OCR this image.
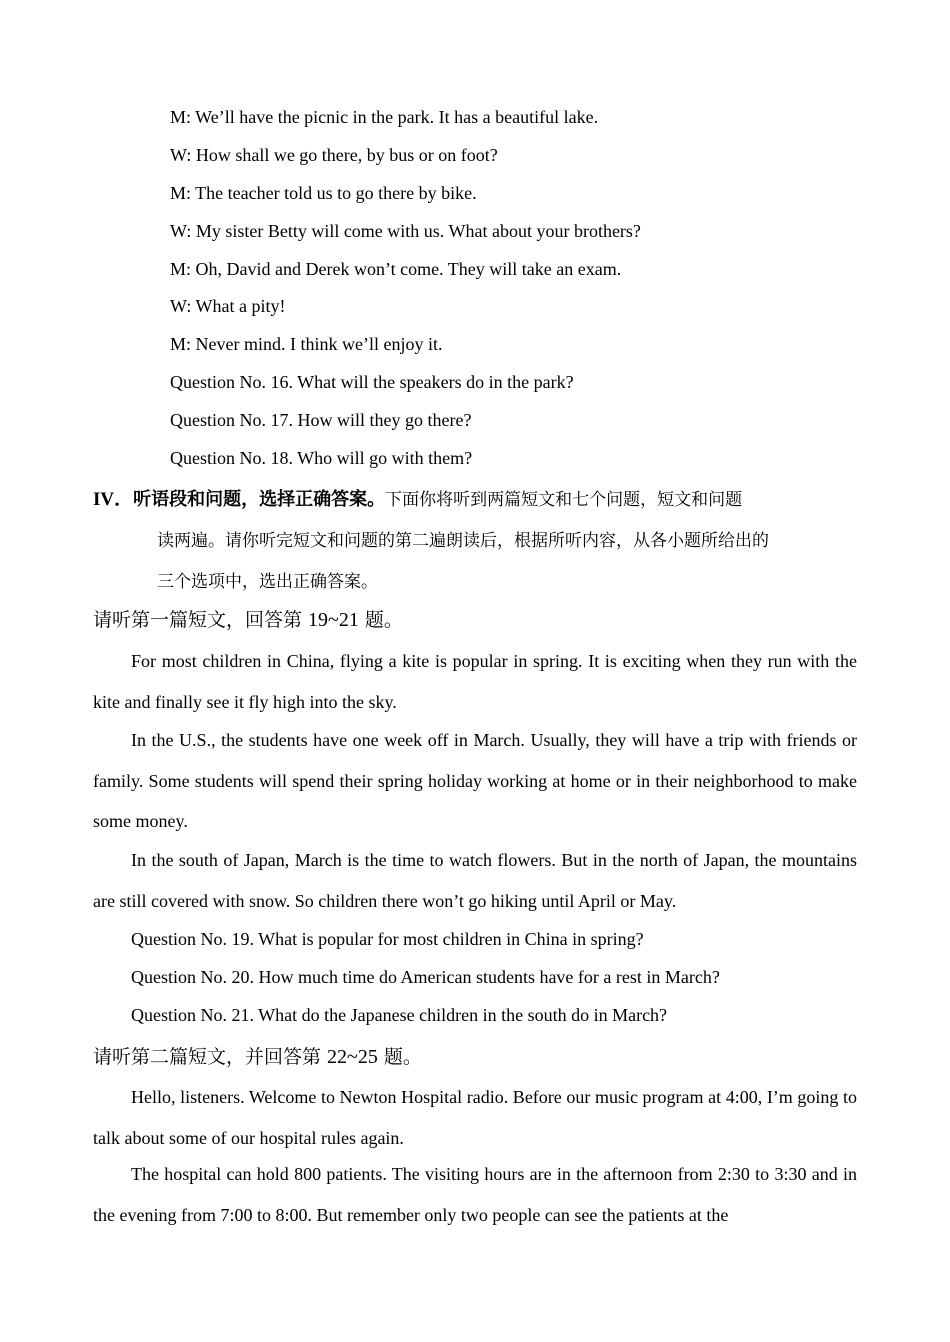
M: We’ll have the picnic in the park. It has a beautiful lake.
W: How shall we go there, by bus or on foot?
M: The teacher told us to go there by bike.
W: My sister Betty will come with us. What about your brothers?
M: Oh, David and Derek won’t come. They will take an exam.
W: What a pity!
M: Never mind. I think we’ll enjoy it.
Question No. 16. What will the speakers do in the park?
Question No. 17. How will they go there?
Question No. 18. Who will go with them?
IV．听语段和问题，选择正确答案。下面你将听到两篇短文和七个问题，短文和问题
读两遍。请你听完短文和问题的第二遍朗读后，根据所听内容，从各小题所给出的
三个选项中，选出正确答案。
请听第一篇短文，回答第 19~21 题。
For most children in China, flying a kite is popular in spring. It is exciting when they run with the kite and finally see it fly high into the sky.
In the U.S., the students have one week off in March. Usually, they will have a trip with friends or family. Some students will spend their spring holiday working at home or in their neighborhood to make some money.
In the south of Japan, March is the time to watch flowers. But in the north of Japan, the mountains are still covered with snow. So children there won’t go hiking until April or May.
Question No. 19. What is popular for most children in China in spring?
Question No. 20. How much time do American students have for a rest in March?
Question No. 21. What do the Japanese children in the south do in March?
请听第二篇短文，并回答第 22~25 题。
Hello, listeners. Welcome to Newton Hospital radio. Before our music program at 4:00, I’m going to talk about some of our hospital rules again.
The hospital can hold 800 patients. The visiting hours are in the afternoon from 2:30 to 3:30 and in the evening from 7:00 to 8:00. But remember only two people can see the patients at the
